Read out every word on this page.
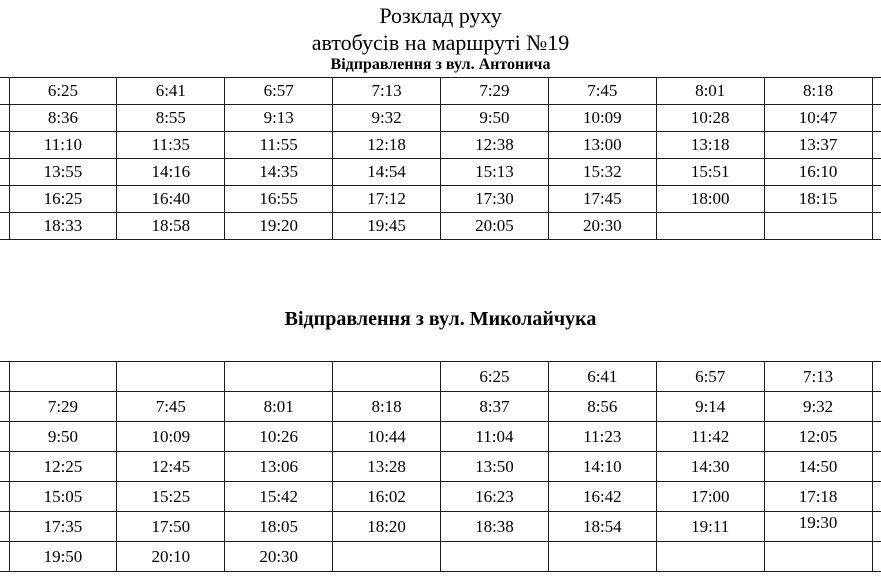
Розклад руху
автобусів на маршруті №19
Відправлення з вул. Антонича
	6:25	6:41	6:57	7:13	7:29	7:45	8:01	8:18	
	8:36	8:55	9:13	9:32	9:50	10:09	10:28	10:47	
	11:10	11:35	11:55	12:18	12:38	13:00	13:18	13:37	
	13:55	14:16	14:35	14:54	15:13	15:32	15:51	16:10	
	16:25	16:40	16:55	17:12	17:30	17:45	18:00	18:15	
	18:33	18:58	19:20	19:45	20:05	20:30			
Відправлення з вул. Миколайчука
					6:25	6:41	6:57	7:13	
	7:29	7:45	8:01	8:18	8:37	8:56	9:14	9:32	
	9:50	10:09	10:26	10:44	11:04	11:23	11:42	12:05	
	12:25	12:45	13:06	13:28	13:50	14:10	14:30	14:50	
	15:05	15:25	15:42	16:02	16:23	16:42	17:00	17:18	
	17:35	17:50	18:05	18:20	18:38	18:54	19:11	19:30	
	19:50	20:10	20:30						
